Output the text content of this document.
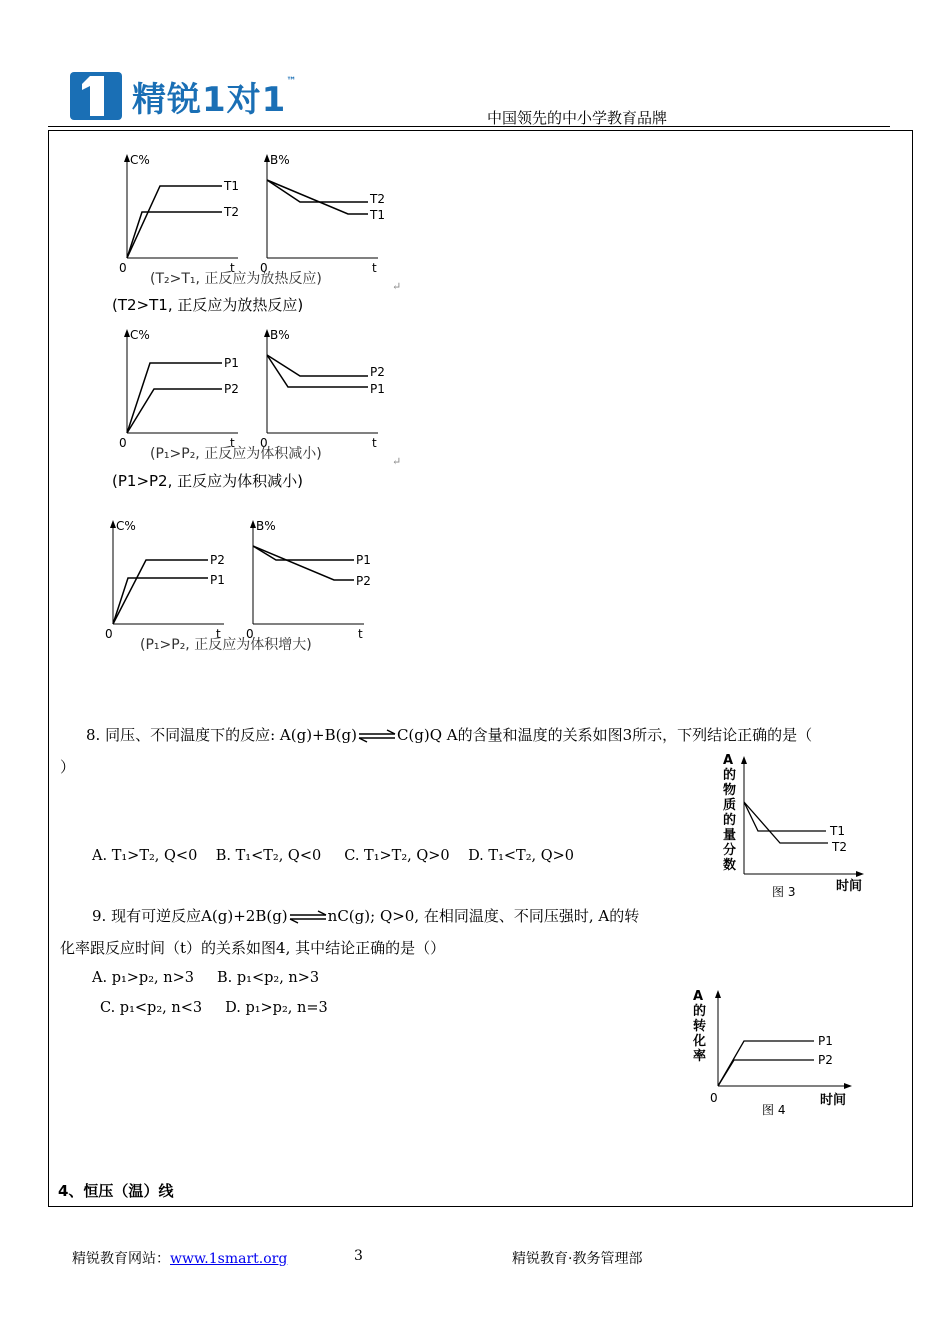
精锐1对1™
中国领先的中小学教育品牌
C%
0	t
T1
T2
B%
0	t
T2
T1
(T₂>T₁, 正反应为放热反应)	↵
(T2>T1, 正反应为放热反应)
C%
0	t
P1
P2
B%
0	t
P2
P1
(P₁>P₂, 正反应为体积减小)	↵
(P1>P2, 正反应为体积减小)
C%
0	t
P2
P1
B%
0	t
P1
P2
(P₁>P₂, 正反应为体积增大)
8. 同压、不同温度下的反应: A(g)+B(g)⇌C(g)Q A的含量和温度的关系如图3所示，下列结论正确的是（
）
A. T₁>T₂, Q<0    B. T₁<T₂, Q<0     C. T₁>T₂, Q>0    D. T₁<T₂, Q>0
A 的物质的量分数
T1
T2
时间
图 3
9. 现有可逆反应A(g)+2B(g)⇌nC(g); Q>0, 在相同温度、不同压强时, A的转
化率跟反应时间（t）的关系如图4, 其中结论正确的是（）
A. p₁>p₂, n>3     B. p₁<p₂, n>3
C. p₁<p₂, n<3     D. p₁>p₂, n=3
A 的转化率
P1
P2
0	时间
图 4
4、恒压（温）线
精锐教育网站：www.1smart.org	3	精锐教育·教务管理部
